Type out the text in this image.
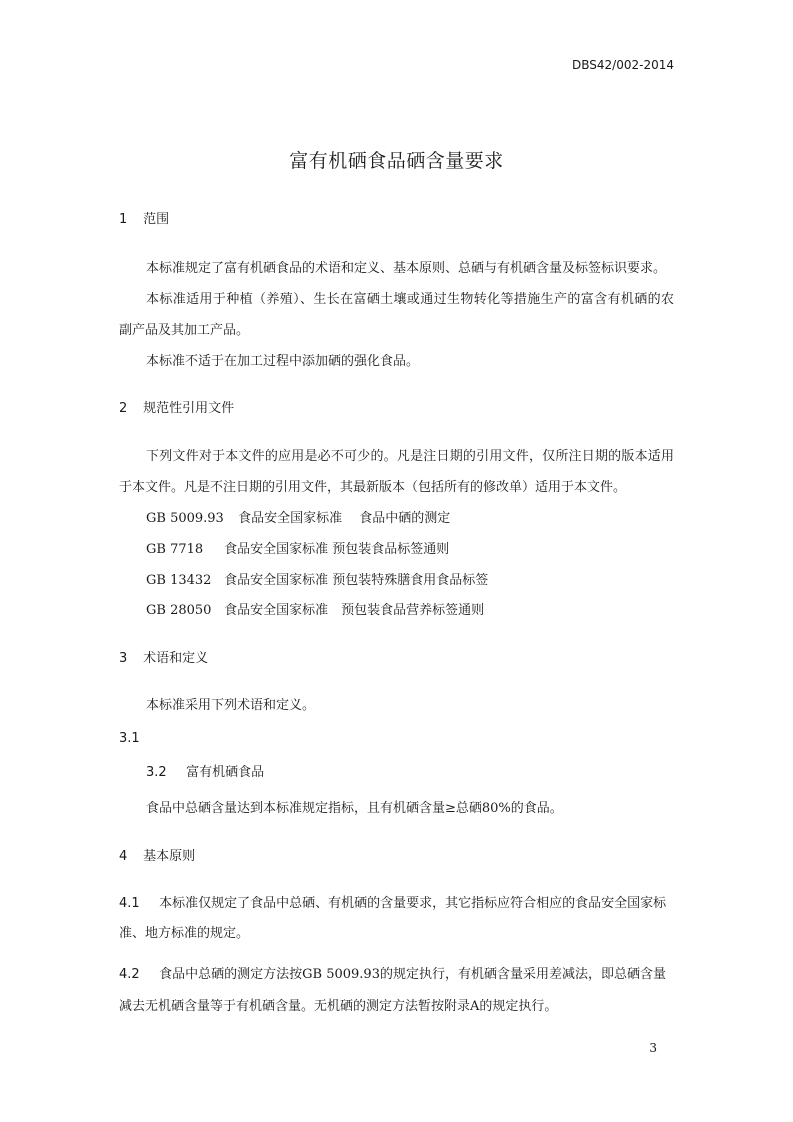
DBS42/002-2014
富有机硒食品硒含量要求
1 范围
本标准规定了富有机硒食品的术语和定义、基本原则、总硒与有机硒含量及标签标识要求。
本标准适用于种植（养殖）、生长在富硒土壤或通过生物转化等措施生产的富含有机硒的农
副产品及其加工产品。
本标准不适于在加工过程中添加硒的强化食品。
2 规范性引用文件
下列文件对于本文件的应用是必不可少的。凡是注日期的引用文件，仅所注日期的版本适用
于本文件。凡是不注日期的引用文件，其最新版本（包括所有的修改单）适用于本文件。
GB 5009.93 食品安全国家标准　 食品中硒的测定
GB 7718 食品安全国家标准 预包装食品标签通则
GB 13432 食品安全国家标准 预包装特殊膳食用食品标签
GB 28050 食品安全国家标准　预包装食品营养标签通则
3 术语和定义
本标准采用下列术语和定义。
3.1
3.2 富有机硒食品
食品中总硒含量达到本标准规定指标，且有机硒含量≥总硒80%的食品。
4 基本原则
4.1 本标准仅规定了食品中总硒、有机硒的含量要求，其它指标应符合相应的食品安全国家标
准、地方标准的规定。
4.2 食品中总硒的测定方法按GB 5009.93的规定执行，有机硒含量采用差减法，即总硒含量
减去无机硒含量等于有机硒含量。无机硒的测定方法暂按附录A的规定执行。
3
